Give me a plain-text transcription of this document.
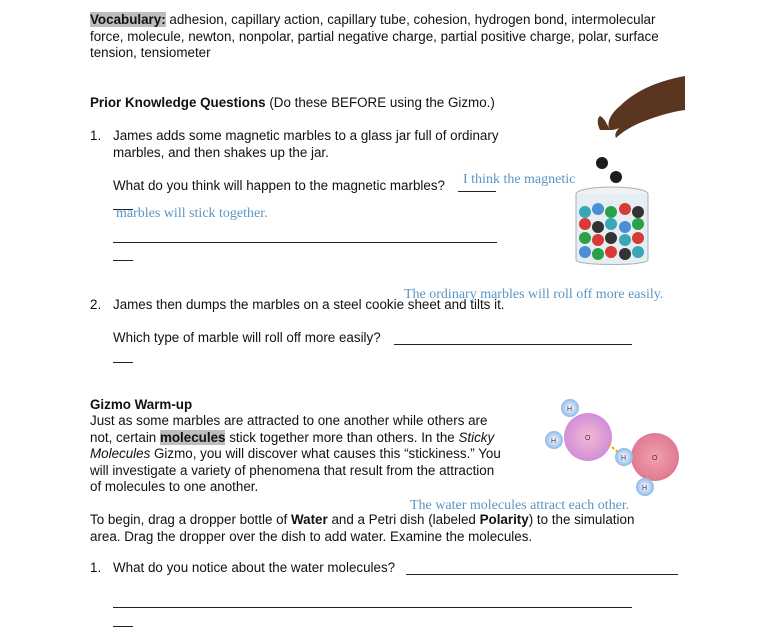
Vocabulary: adhesion, capillary action, capillary tube, cohesion, hydrogen bond, intermolecular force, molecule, newton, nonpolar, partial negative charge, partial positive charge, polar, surface tension, tensiometer
Prior Knowledge Questions (Do these BEFORE using the Gizmo.)
1. James adds some magnetic marbles to a glass jar full of ordinary
marbles, and then shakes up the jar.
What do you think will happen to the magnetic marbles? I think the magnetic
marbles will stick together.
2. James then dumps the marbles on a steel cookie sheet and tilts it.
The ordinary marbles will roll off more easily.
Which type of marble will roll off more easily?
Gizmo Warm-up
Just as some marbles are attracted to one another while others are
not, certain molecules stick together more than others. In the Sticky
Molecules Gizmo, you will discover what causes this “stickiness.” You
will investigate a variety of phenomena that result from the attraction
of molecules to one another.
H
H	O
H	O
H
The water molecules attract each other.
To begin, drag a dropper bottle of Water and a Petri dish (labeled Polarity) to the simulation
area. Drag the dropper over the dish to add water. Examine the molecules.
1. What do you notice about the water molecules?
